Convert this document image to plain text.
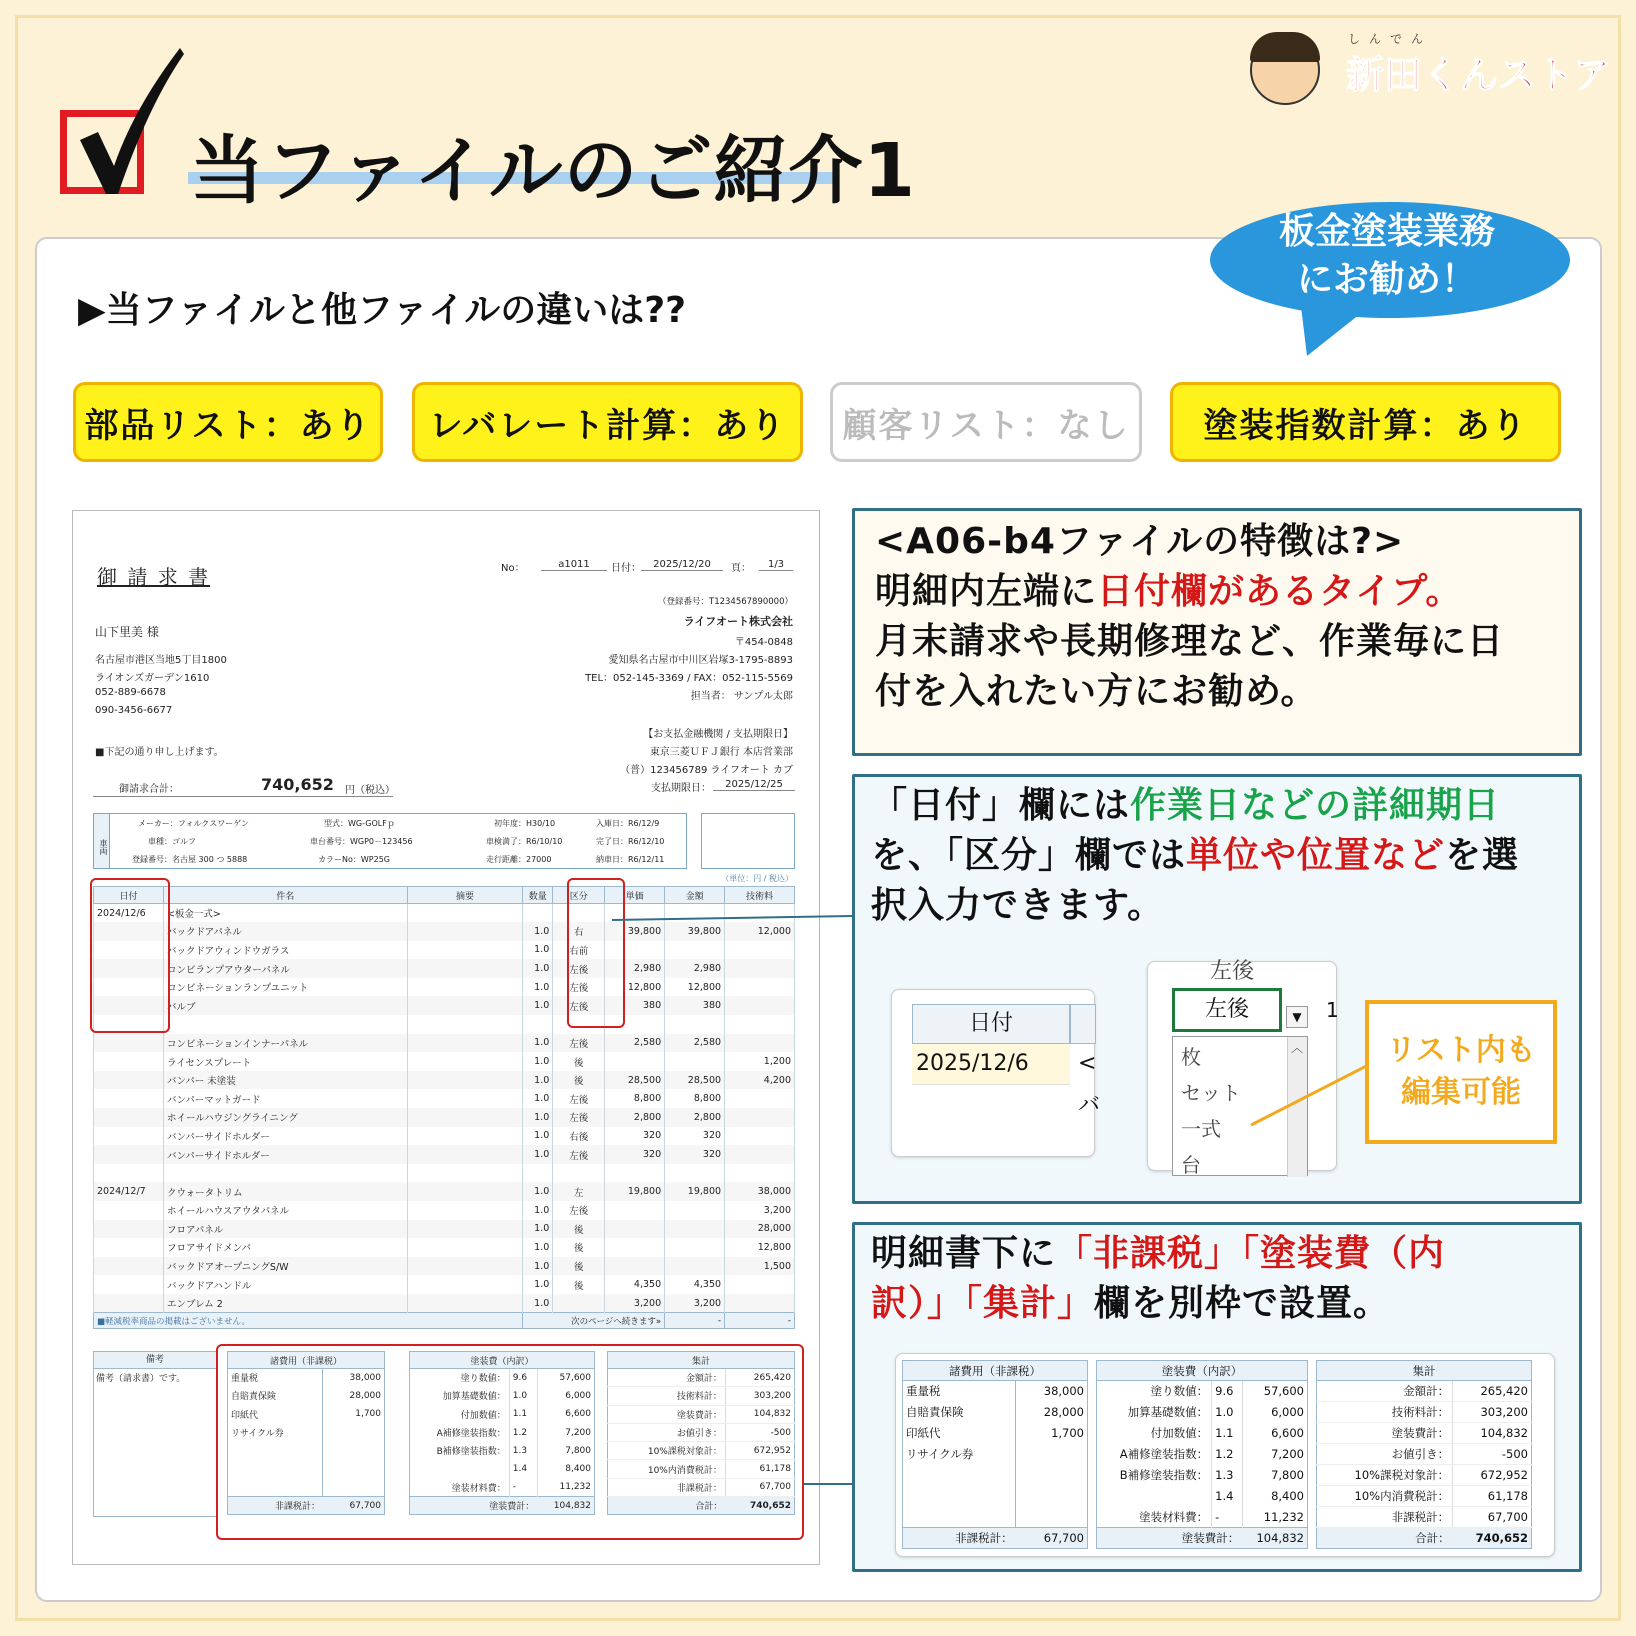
当ファイルのご紹介1
しんでん
新田くんストア
板金塗装業務
にお勧め！
▶当ファイルと他ファイルの違いは??
部品リスト：あり	レバレート計算：あり	顧客リスト：なし	塗装指数計算：あり
御 請 求 書	No：	a1011	日付：	2025/12/20	頁：	1/3
（登録番号：T1234567890000）
ライフオート株式会社
〒454-0848
愛知県名古屋市中川区岩塚3-1795-8893
TEL：052-145-3369 / FAX：052-115-5569
担当者： サンプル太郎
山下里美 様
名古屋市港区当地5丁目1800
ライオンズガーデン1610
052-889-6678
090-3456-6677
■下記の通り申し上げます。
御請求合計：	740,652 円（税込）
【お支払金融機関 / 支払期限日】
東京三菱ＵＦＪ銀行 本店営業部
（普）123456789 ライフオート カブ
支払期限日：	2025/12/25
車両
メーカー：フォルクスワーゲン	型式：WG-GOLFｐ	初年度：H30/10	入庫日：R6/12/9
車種：ゴルフ	車台番号：WGP0－123456	車検満了：R6/10/10	完了日：R6/12/10
登録番号：名古屋 300 つ 5888	カラーNo：WP25G	走行距離：27000	納車日：R6/12/11
（単位：円 / 税込）
日付	件名	摘要	数量	区分	単価	金額	技術料
2024/12/6	<板金一式>						
	バックドアパネル		1.0	右	39,800	39,800	12,000
	バックドアウィンドウガラス		1.0	右前			
	コンビランプアウターパネル		1.0	左後	2,980	2,980	
	コンビネーションランプユニット		1.0	左後	12,800	12,800	
	バルブ		1.0	左後	380	380	

	コンビネーションインナーパネル		1.0	左後	2,580	2,580	
	ライセンスプレート		1.0	後			1,200
	バンパー 未塗装		1.0	後	28,500	28,500	4,200
	バンパーマットガード		1.0	左後	8,800	8,800	
	ホイールハウジングライニング		1.0	左後	2,800	2,800	
	バンパーサイドホルダー		1.0	右後	320	320	
	バンパーサイドホルダー		1.0	左後	320	320	

2024/12/7	クウォータトリム		1.0	左	19,800	19,800	38,000
	ホイールハウスアウタパネル		1.0	左後			3,200
	フロアパネル		1.0	後			28,000
	フロアサイドメンバ		1.0	後			12,800
	バックドアオープニングS/W		1.0	後			1,500
	バックドアハンドル		1.0	後	4,350	4,350	
	エンブレム 2		1.0		3,200	3,200	
■軽減税率商品の掲載はございません。			次のページへ続きます»			-	-
備考
備考（請求書）です。
諸費用（非課税）	
重量税	38,000
自賠責保険	28,000
印紙代	1,700
リサイクル券	

非課税計：	67,700
塗装費（内訳）		
塗り数値：	9.6	57,600
加算基礎数値：	1.0	6,000
付加数値：	1.1	6,600
A補修塗装指数：	1.2	7,200
B補修塗装指数：	1.3	7,800
	1.4	8,400
塗装材料費：	-	11,232
塗装費計：		104,832
集計	
金額計：	265,420
技術料計：	303,200
塗装費計：	104,832
お値引き：	-500
10%課税対象計：	672,952
10%内消費税計：	61,178
非課税計：	67,700
合計：	740,652
<A06-b4ファイルの特徴は?>
明細内左端に日付欄があるタイプ。
月末請求や長期修理など、作業毎に日
付を入れたい方にお勧め。
「日付」欄には作業日などの詳細期日
を、「区分」欄では単位や位置などを選
択入力できます。
日付
2025/12/6	<
バ
左後
左後	▼	1
︿
枚
セット
一式
台
リスト内も
編集可能
明細書下に「非課税」「塗装費（内
訳）」「集計」欄を別枠で設置。
諸費用（非課税）	
重量税	38,000
自賠責保険	28,000
印紙代	1,700
リサイクル券	

非課税計：	67,700
塗装費（内訳）		
塗り数値：	9.6	57,600
加算基礎数値：	1.0	6,000
付加数値：	1.1	6,600
A補修塗装指数：	1.2	7,200
B補修塗装指数：	1.3	7,800
	1.4	8,400
塗装材料費：	-	11,232
塗装費計：		104,832
集計	
金額計：	265,420
技術料計：	303,200
塗装費計：	104,832
お値引き：	-500
10%課税対象計：	672,952
10%内消費税計：	61,178
非課税計：	67,700
合計：	740,652
